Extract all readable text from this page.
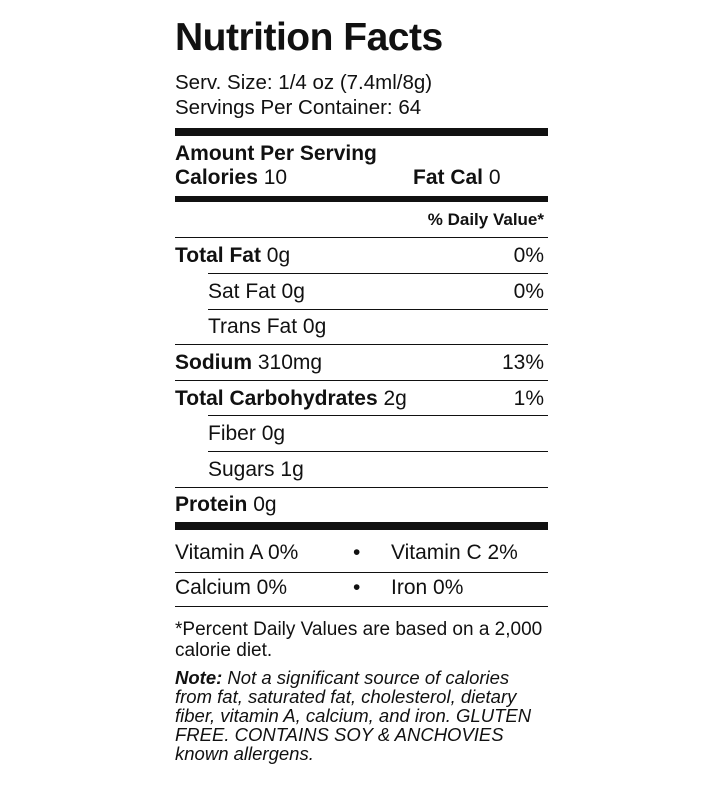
Nutrition Facts
Serv. Size: 1/4 oz (7.4ml/8g)
Servings Per Container: 64
Amount Per Serving
Calories 10	Fat Cal 0
% Daily Value*
Total Fat 0g	0%
Sat Fat 0g	0%
Trans Fat 0g
Sodium 310mg	13%
Total Carbohydrates 2g	1%
Fiber 0g
Sugars 1g
Protein 0g
Vitamin A 0%	• Vitamin C 2%
Calcium 0%	• Iron 0%
*Percent Daily Values are based on a 2,000 calorie diet.
Note: Not a significant source of calories from fat, saturated fat, cholesterol, dietary fiber, vitamin A, calcium, and iron. GLUTEN FREE. CONTAINS SOY & ANCHOVIES known allergens.
